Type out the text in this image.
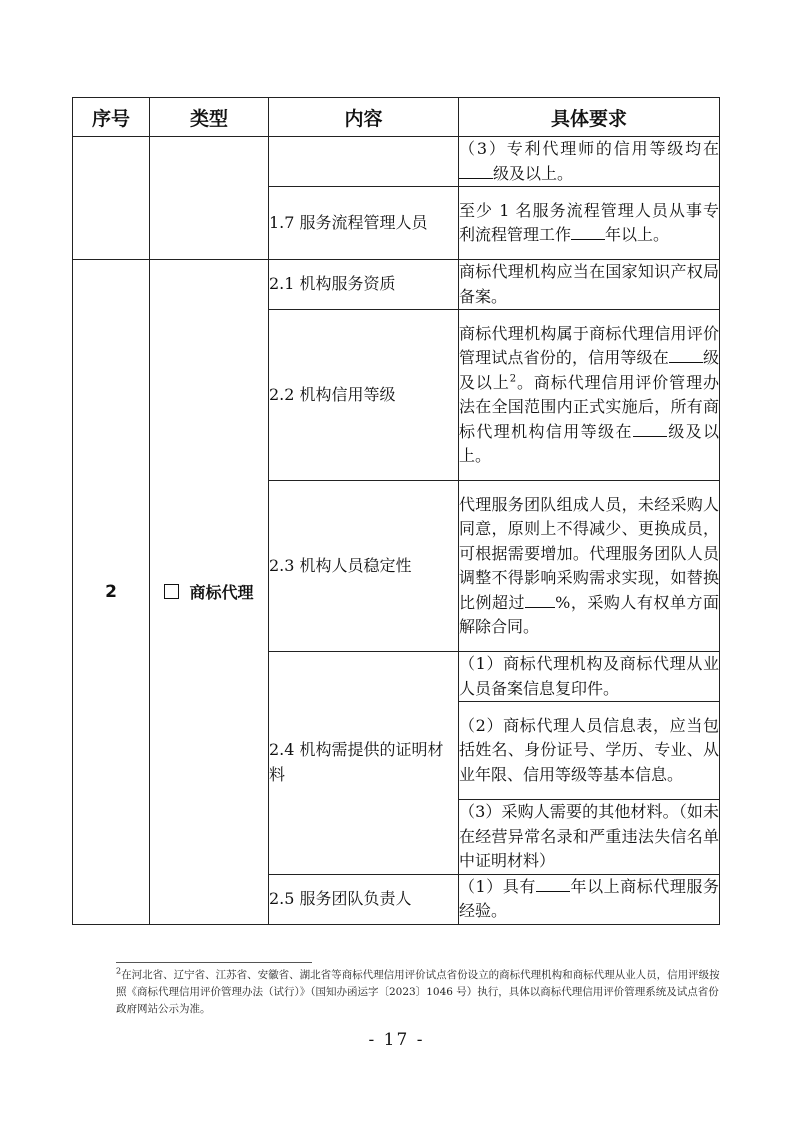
序号	类型	内容	具体要求
			（3）专利代理师的信用等级均在级及以上。
		1.7 服务流程管理人员	至少 1 名服务流程管理人员从事专利流程管理工作 年以上。
2	商标代理	2.1 机构服务资质	商标代理机构应当在国家知识产权局备案。
		2.2 机构信用等级	商标代理机构属于商标代理信用评价管理试点省份的，信用等级在 级及以上$^2$。商标代理信用评价管理办法在全国范围内正式实施后，所有商标代理机构信用等级在 级及以上。
		2.3 机构人员稳定性	代理服务团队组成人员，未经采购人同意，原则上不得减少、更换成员，可根据需要增加。代理服务团队人员调整不得影响采购需求实现，如替换比例超过 %，采购人有权单方面解除合同。
		2.4 机构需提供的证明材料	（1）商标代理机构及商标代理从业人员备案信息复印件。
			（2）商标代理人员信息表，应当包括姓名、身份证号、学历、专业、从业年限、信用等级等基本信息。
			（3）采购人需要的其他材料。（如未在经营异常名录和严重违法失信名单中证明材料）
		2.5 服务团队负责人	（1）具有 年以上商标代理服务经验。
$^2$在河北省、辽宁省、江苏省、安徽省、湖北省等商标代理信用评价试点省份设立的商标代理机构和商标代理从业人员，信用评级按照《商标代理信用评价管理办法（试行）》（国知办函运字〔2023〕1046 号）执行，具体以商标代理信用评价管理系统及试点省份政府网站公示为准。
- 17 -
